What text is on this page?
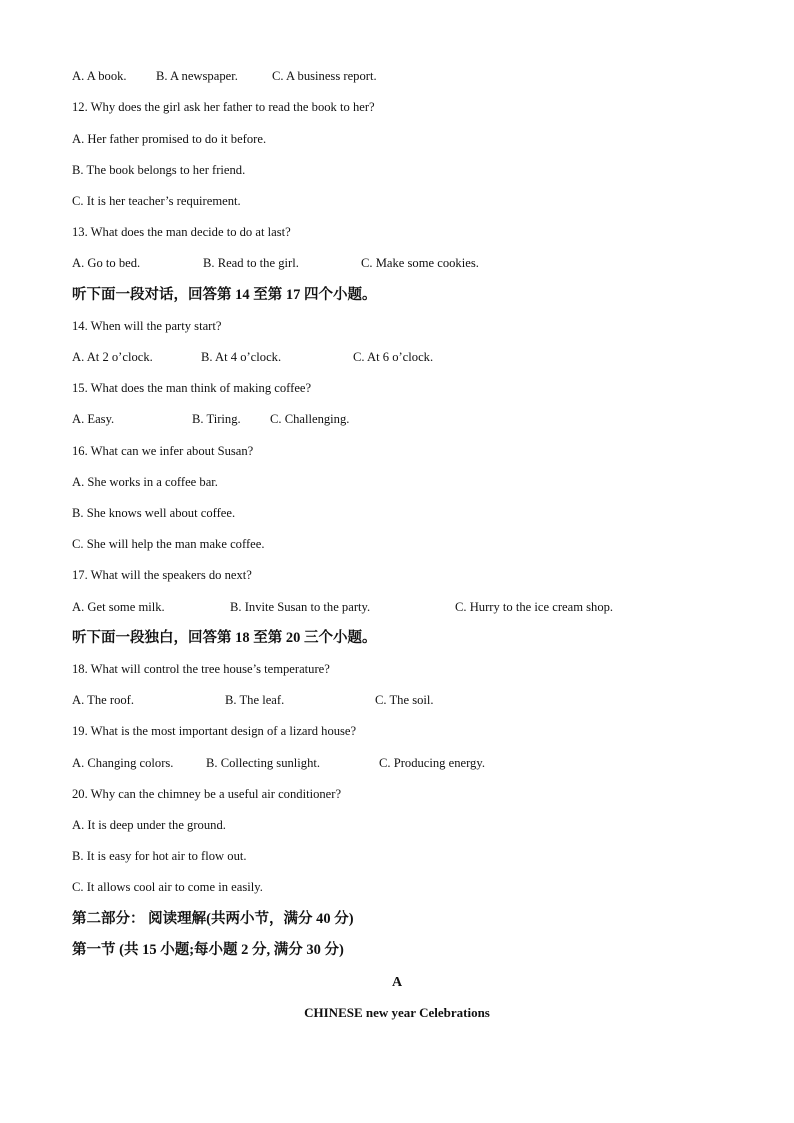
A. A book. B. A newspaper.	C. A business report.
12. Why does the girl ask her father to read the book to her?
A. Her father promised to do it before.
B. The book belongs to her friend.
C. It is her teacher’s requirement.
13. What does the man decide to do at last?
A. Go to bed.	B. Read to the girl.	C. Make some cookies.
听下面一段对话，回答第 14 至第 17 四个小题。
14. When will the party start?
A. At 2 o’clock.	B. At 4 o’clock.	C. At 6 o’clock.
15. What does the man think of making coffee?
A. Easy.	B. Tiring. C. Challenging.
16. What can we infer about Susan?
A. She works in a coffee bar.
B. She knows well about coffee.
C. She will help the man make coffee.
17. What will the speakers do next?
A. Get some milk.	B. Invite Susan to the party.	C. Hurry to the ice cream shop.
听下面一段独白，回答第 18 至第 20 三个小题。
18. What will control the tree house’s temperature?
A. The roof.	B. The leaf.	C. The soil.
19. What is the most important design of a lizard house?
A. Changing colors.	B. Collecting sunlight.	C. Producing energy.
20. Why can the chimney be a useful air conditioner?
A. It is deep under the ground.
B. It is easy for hot air to flow out.
C. It allows cool air to come in easily.
第二部分： 阅读理解(共两小节，满分 40 分)
第一节 (共 15 小题;每小题 2 分, 满分 30 分)
A
CHINESE new year Celebrations
